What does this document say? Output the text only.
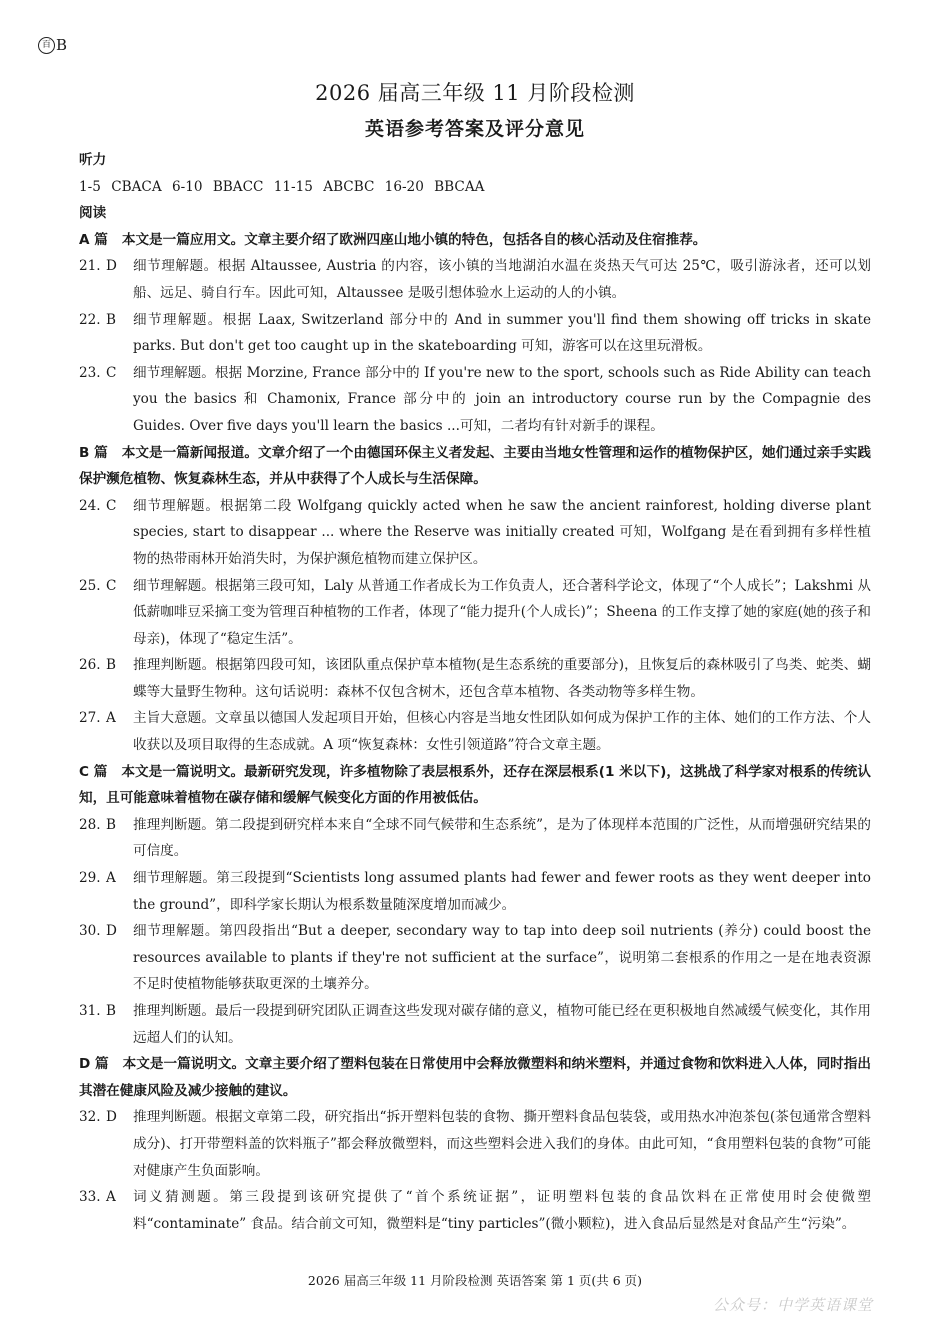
百 B
2026 届高三年级 11 月阶段检测
英语参考答案及评分意见
听力
1-5 CBACA 6-10 BBACC 11-15 ABCBC 16-20 BBCAA
阅读
A 篇 本文是一篇应用文。文章主要介绍了欧洲四座山地小镇的特色，包括各自的核心活动及住宿推荐。
21. D	细节理解题。根据 Altaussee, Austria 的内容，该小镇的当地湖泊水温在炎热天气可达 25℃，吸引游泳者，还可以划船、远足、骑自行车。因此可知，Altaussee 是吸引想体验水上运动的人的小镇。
22. B	细节理解题。根据 Laax, Switzerland 部分中的 And in summer you'll find them showing off tricks in skate parks. But don't get too caught up in the skateboarding 可知，游客可以在这里玩滑板。
23. C	细节理解题。根据 Morzine, France 部分中的 If you're new to the sport, schools such as Ride Ability can teach you the basics 和 Chamonix, France 部分中的 join an introductory course run by the Compagnie des Guides. Over five days you'll learn the basics ...可知，二者均有针对新手的课程。
B 篇 本文是一篇新闻报道。文章介绍了一个由德国环保主义者发起、主要由当地女性管理和运作的植物保护区，她们通过亲手实践保护濒危植物、恢复森林生态，并从中获得了个人成长与生活保障。
24. C	细节理解题。根据第二段 Wolfgang quickly acted when he saw the ancient rainforest, holding diverse plant species, start to disappear ... where the Reserve was initially created 可知，Wolfgang 是在看到拥有多样性植物的热带雨林开始消失时，为保护濒危植物而建立保护区。
25. C	细节理解题。根据第三段可知，Laly 从普通工作者成长为工作负责人，还合著科学论文，体现了“个人成长”；Lakshmi 从低薪咖啡豆采摘工变为管理百种植物的工作者，体现了“能力提升(个人成长)”；Sheena 的工作支撑了她的家庭(她的孩子和母亲)，体现了“稳定生活”。
26. B	推理判断题。根据第四段可知，该团队重点保护草本植物(是生态系统的重要部分)，且恢复后的森林吸引了鸟类、蛇类、蝴蝶等大量野生物种。这句话说明：森林不仅包含树木，还包含草本植物、各类动物等多样生物。
27. A	主旨大意题。文章虽以德国人发起项目开始，但核心内容是当地女性团队如何成为保护工作的主体、她们的工作方法、个人收获以及项目取得的生态成就。A 项“恢复森林：女性引领道路”符合文章主题。
C 篇 本文是一篇说明文。最新研究发现，许多植物除了表层根系外，还存在深层根系(1 米以下)，这挑战了科学家对根系的传统认知，且可能意味着植物在碳存储和缓解气候变化方面的作用被低估。
28. B	推理判断题。第二段提到研究样本来自“全球不同气候带和生态系统”，是为了体现样本范围的广泛性，从而增强研究结果的可信度。
29. A	细节理解题。第三段提到“Scientists long assumed plants had fewer and fewer roots as they went deeper into the ground”，即科学家长期认为根系数量随深度增加而减少。
30. D	细节理解题。第四段指出“But a deeper, secondary way to tap into deep soil nutrients (养分) could boost the resources available to plants if they're not sufficient at the surface”，说明第二套根系的作用之一是在地表资源不足时使植物能够获取更深的土壤养分。
31. B	推理判断题。最后一段提到研究团队正调查这些发现对碳存储的意义，植物可能已经在更积极地自然减缓气候变化，其作用远超人们的认知。
D 篇 本文是一篇说明文。文章主要介绍了塑料包装在日常使用中会释放微塑料和纳米塑料，并通过食物和饮料进入人体，同时指出其潜在健康风险及减少接触的建议。
32. D	推理判断题。根据文章第二段，研究指出“拆开塑料包装的食物、撕开塑料食品包装袋，或用热水冲泡茶包(茶包通常含塑料成分)、打开带塑料盖的饮料瓶子”都会释放微塑料，而这些塑料会进入我们的身体。由此可知，“食用塑料包装的食物”可能对健康产生负面影响。
33. A	词义猜测题。第三段提到该研究提供了“首个系统证据”，证明塑料包装的食品饮料在正常使用时会使微塑料“contaminate” 食品。结合前文可知，微塑料是“tiny particles”(微小颗粒)，进入食品后显然是对食品产生“污染”。
2026 届高三年级 11 月阶段检测 英语答案 第 1 页(共 6 页)
公众号：中学英语课堂
